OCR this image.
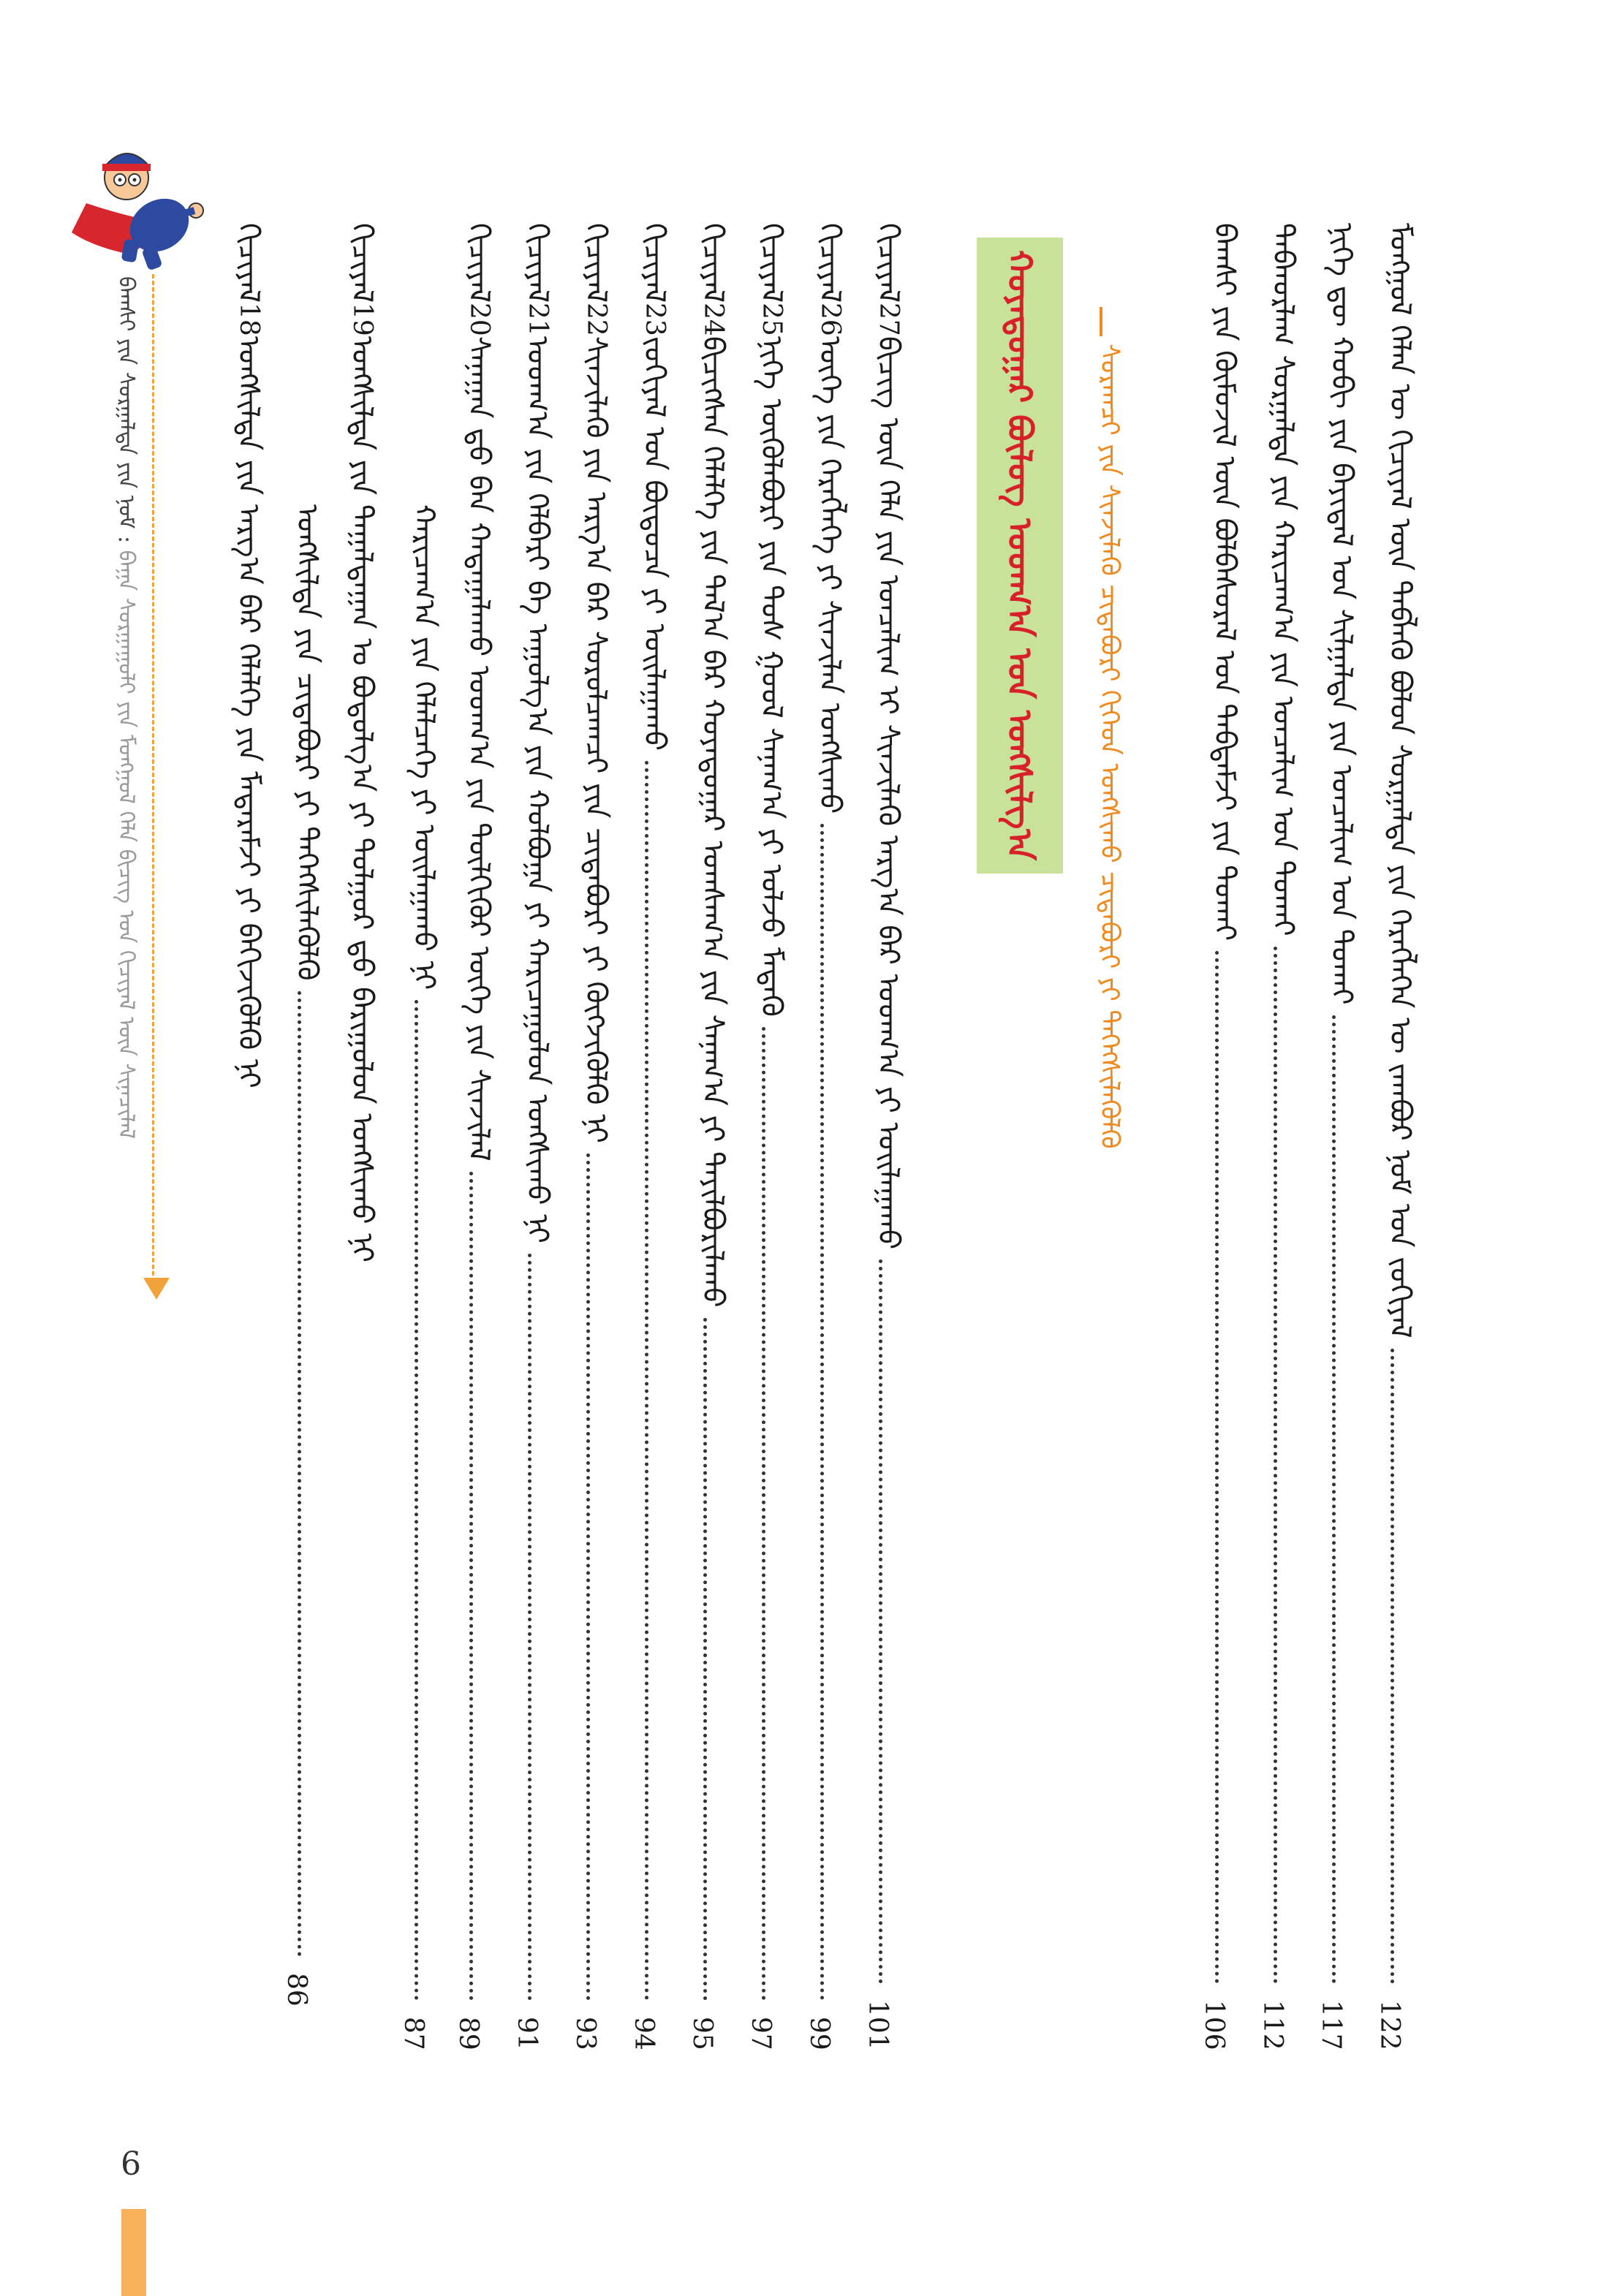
ᠮᠣᠩᠭᠣᠯ ᠬᠡᠯᠡᠨ ᠦ ᠬᠢᠴᠢᠶᠡᠯ ᠦᠨ ᠲᠡᠪᠯᠡᠬᠦ ᠪᠣᠯᠣᠨ ᠰᠤᠷᠭᠠᠯᠲᠠ ᠶᠢᠨ ᠬᠡᠷᠡᠭᠯᠡᠭᠡᠨ ᠦ ᠵᠠᠭᠪᠤᠷ ᠨᠣᠮ ᠤᠨ ᠵᠣᠬᠢᠶᠠᠯ
122
ᠨᠢᠭᠡ ᠳᠦ ᠬᠤᠪᠢ ᠶᠢᠨ ᠪᠠᠶᠢᠳᠠᠯ ᠤᠨ ᠰᠢᠯᠭᠠᠯᠲᠠ ᠶᠢᠨ ᠣᠨᠴᠠᠯᠢᠭ ᠤᠨ ᠲᠤᠬᠠᠢ
117
ᠳᠠᠪᠬᠤᠷᠯᠠᠭ ᠰᠤᠷᠭᠠᠯᠲᠠ ᠶᠢᠨ ᠬᠠᠷᠢᠴᠠᠭ᠎ᠠ ᠶᠢᠨ ᠣᠨᠴᠠᠯᠢᠭ ᠤᠨ ᠲᠤᠬᠠᠢ
112
ᠪᠠᠭᠰᠢ ᠶᠢᠨ ᠬᠦᠮᠦᠵᠢᠯ ᠦᠨ ᠪᠣᠯᠪᠠᠰᠤᠷᠠᠯ ᠤᠨ ᠳᠠᠪᠲᠠᠮᠵᠢ ᠶᠢᠨ ᠲᠤᠬᠠᠢ
106
ᠰᠤᠷᠠᠭᠴᠢ ᠶᠢᠨ ᠰᠢᠨᠵᠢᠯᠡᠬᠦ ᠴᠢᠳᠠᠪᠤᠷᠢ ᠬᠢᠭᠡᠳ ᠤᠩᠰᠢᠬᠤ ᠴᠢᠳᠠᠪᠤᠷᠢ ᠶᠢ ᠳᠡᠭᠡᠭᠰᠢᠯᠡᠭᠦᠯᠬᠦ
ᠬᠣᠶᠠᠳᠤᠭᠠᠷ ᠪᠦᠯᠦᠭ ᠤᠳᠬ᠎ᠠ ᠤᠨ ᠤᠩᠰᠢᠯᠭ᠎ᠠ
ᠬᠢᠴᠢᠶᠡᠯ27
ᠪᠢᠴᠢᠭ ᠦᠨ ᠬᠡᠯᠡ ᠶᠢᠨ ᠣᠨᠴᠠᠯᠢᠭ ᠢ ᠰᠢᠨᠵᠢᠯᠡᠬᠦ ᠠᠷᠭ᠎ᠠ ᠪᠠᠷ ᠤᠳᠬ᠎ᠠ ᠶᠢ ᠣᠢᠯᠠᠭᠠᠬᠤ
101
ᠬᠢᠴᠢᠶᠡᠯ26
ᠦᠭᠡ ᠶᠢᠨ ᠬᠡᠷᠡᠭᠯᠡᠭᠡ ᠶᠢ ᠰᠢᠨᠵᠢᠯᠡᠨ ᠤᠩᠰᠢᠬᠤ
99
ᠬᠢᠴᠢᠶᠡᠯ25
ᠨᠢᠭᠡ ᠦᠭᠦᠯᠡᠪᠦᠷᠢ ᠶᠢᠨ ᠲᠤᠰ ᠭᠣᠣᠯ ᠰᠠᠨᠠᠭ᠎ᠠ ᠶᠢ ᠣᠯᠵᠤ ᠮᠡᠳᠡᠬᠦ
97
ᠬᠢᠴᠢᠶᠡᠯ24
ᠪᠢᠴᠢᠭᠰᠡᠨ ᠬᠡᠯᠡᠯᠭᠡ ᠶᠢᠨ ᠲᠠᠯ᠎ᠠ ᠪᠡᠷ ᠬᠣᠶᠠᠳᠤᠭᠠᠷ ᠤᠭᠰᠠᠭ᠎ᠠ ᠶᠢᠨ ᠰᠠᠨᠠᠭ᠎ᠠ ᠶᠢ ᠲᠠᠶᠢᠯᠪᠤᠷᠢᠯᠠᠬᠤ
95
ᠬᠢᠴᠢᠶᠡᠯ23
ᠵᠣᠬᠢᠶᠠᠯ ᠤᠨ ᠪᠦᠲᠦᠴᠡ ᠶᠢ ᠣᠢᠯᠠᠭᠠᠬᠤ
94
ᠬᠢᠴᠢᠶᠡᠯ22
ᠰᠢᠨᠵᠢᠯᠡᠬᠦ ᠶᠢᠨ ᠠᠷᠭ᠎ᠠ ᠪᠠᠷ ᠰᠤᠷᠤᠯᠴᠠᠭᠴᠢ ᠶᠢᠨ ᠴᠢᠳᠠᠪᠤᠷᠢ ᠶᠢ ᠬᠥᠭᠵᠢᠭᠦᠯᠬᠦ ᠨᠢ
93
ᠬᠢᠴᠢᠶᠡᠯ21
ᠤᠳᠬ᠎ᠠ ᠶᠢᠨ ᠬᠡᠯᠪᠡᠷᠢ ᠪᠠ ᠠᠭᠤᠯᠭ᠎ᠠ ᠶᠢᠨ ᠬᠣᠯᠪᠤᠭᠠ ᠶᠢ ᠬᠠᠷᠢᠴᠠᠭᠤᠯᠤᠨ ᠤᠩᠰᠢᠬᠤ ᠨᠢ
91
ᠬᠢᠴᠢᠶᠡᠯ20
ᠰᠠᠨᠠᠭᠠᠨ ᠳ᠋ᠤ ᠪᠠᠨ ᠬᠠᠳᠠᠭᠠᠯᠠᠬᠤ ᠤᠳᠬ᠎ᠠ ᠶᠢᠨ ᠲᠦᠯᠬᠢᠭᠦᠷ ᠦᠭᠡ ᠶᠢᠨ ᠰᠢᠨᠵᠢᠯᠡᠯ
89
ᠬᠠᠷᠢᠴᠠᠭ᠎ᠠ ᠶᠢᠨ ᠬᠡᠯᠡᠯᠴᠡᠭᠡ ᠶᠢ ᠣᠢᠯᠠᠭᠠᠬᠤ ᠨᠢ
87
ᠬᠢᠴᠢᠶᠡᠯ19
ᠤᠩᠰᠢᠯᠲᠠ ᠶᠢᠨ ᠳᠠᠭᠠᠯᠳᠠᠭᠠᠨ ᠤ ᠪᠣᠳᠣᠯᠭ᠎ᠠ ᠶᠢ ᠲᠤᠯᠭᠤᠷ ᠳ᠋ᠤ ᠪᠠᠷᠢᠭᠤᠯᠤᠨ ᠤᠩᠰᠢᠬᠤ ᠨᠢ
ᠤᠩᠰᠢᠯᠲᠠ ᠶᠢᠨ ᠴᠢᠳᠠᠪᠤᠷᠢ ᠶᠢ ᠳᠡᠭᠡᠭᠰᠢᠯᠡᠭᠦᠯᠬᠦ
86
ᠬᠢᠴᠢᠶᠡᠯ18
ᠤᠩᠰᠢᠯᠲᠠ ᠶᠢᠨ ᠠᠷᠭ᠎ᠠ ᠪᠠᠷ ᠬᠡᠯᠡᠯᠭᠡ ᠶᠢᠨ ᠮᠡᠳᠡᠷᠡᠮᠵᠢ ᠶᠢ ᠪᠡᠬᠢᠵᠢᠭᠦᠯᠬᠦ ᠨᠢ
ᠪᠠᠭᠰᠢ ᠶᠢᠨ ᠰᠤᠷᠭᠠᠯᠲᠠ ᠶᠢᠨ ᠨᠣᠮ : ᠪᠠᠭᠠ ᠰᠤᠷᠭᠠᠭᠤᠯᠢ ᠶᠢᠨ ᠮᠣᠩᠭᠣᠯ ᠬᠡᠯᠡ ᠪᠢᠴᠢᠭ ᠤᠨ ᠬᠢᠴᠢᠶᠡᠯ ᠦᠨ ᠰᠢᠨᠡᠴᠢᠯᠡᠯ
6
